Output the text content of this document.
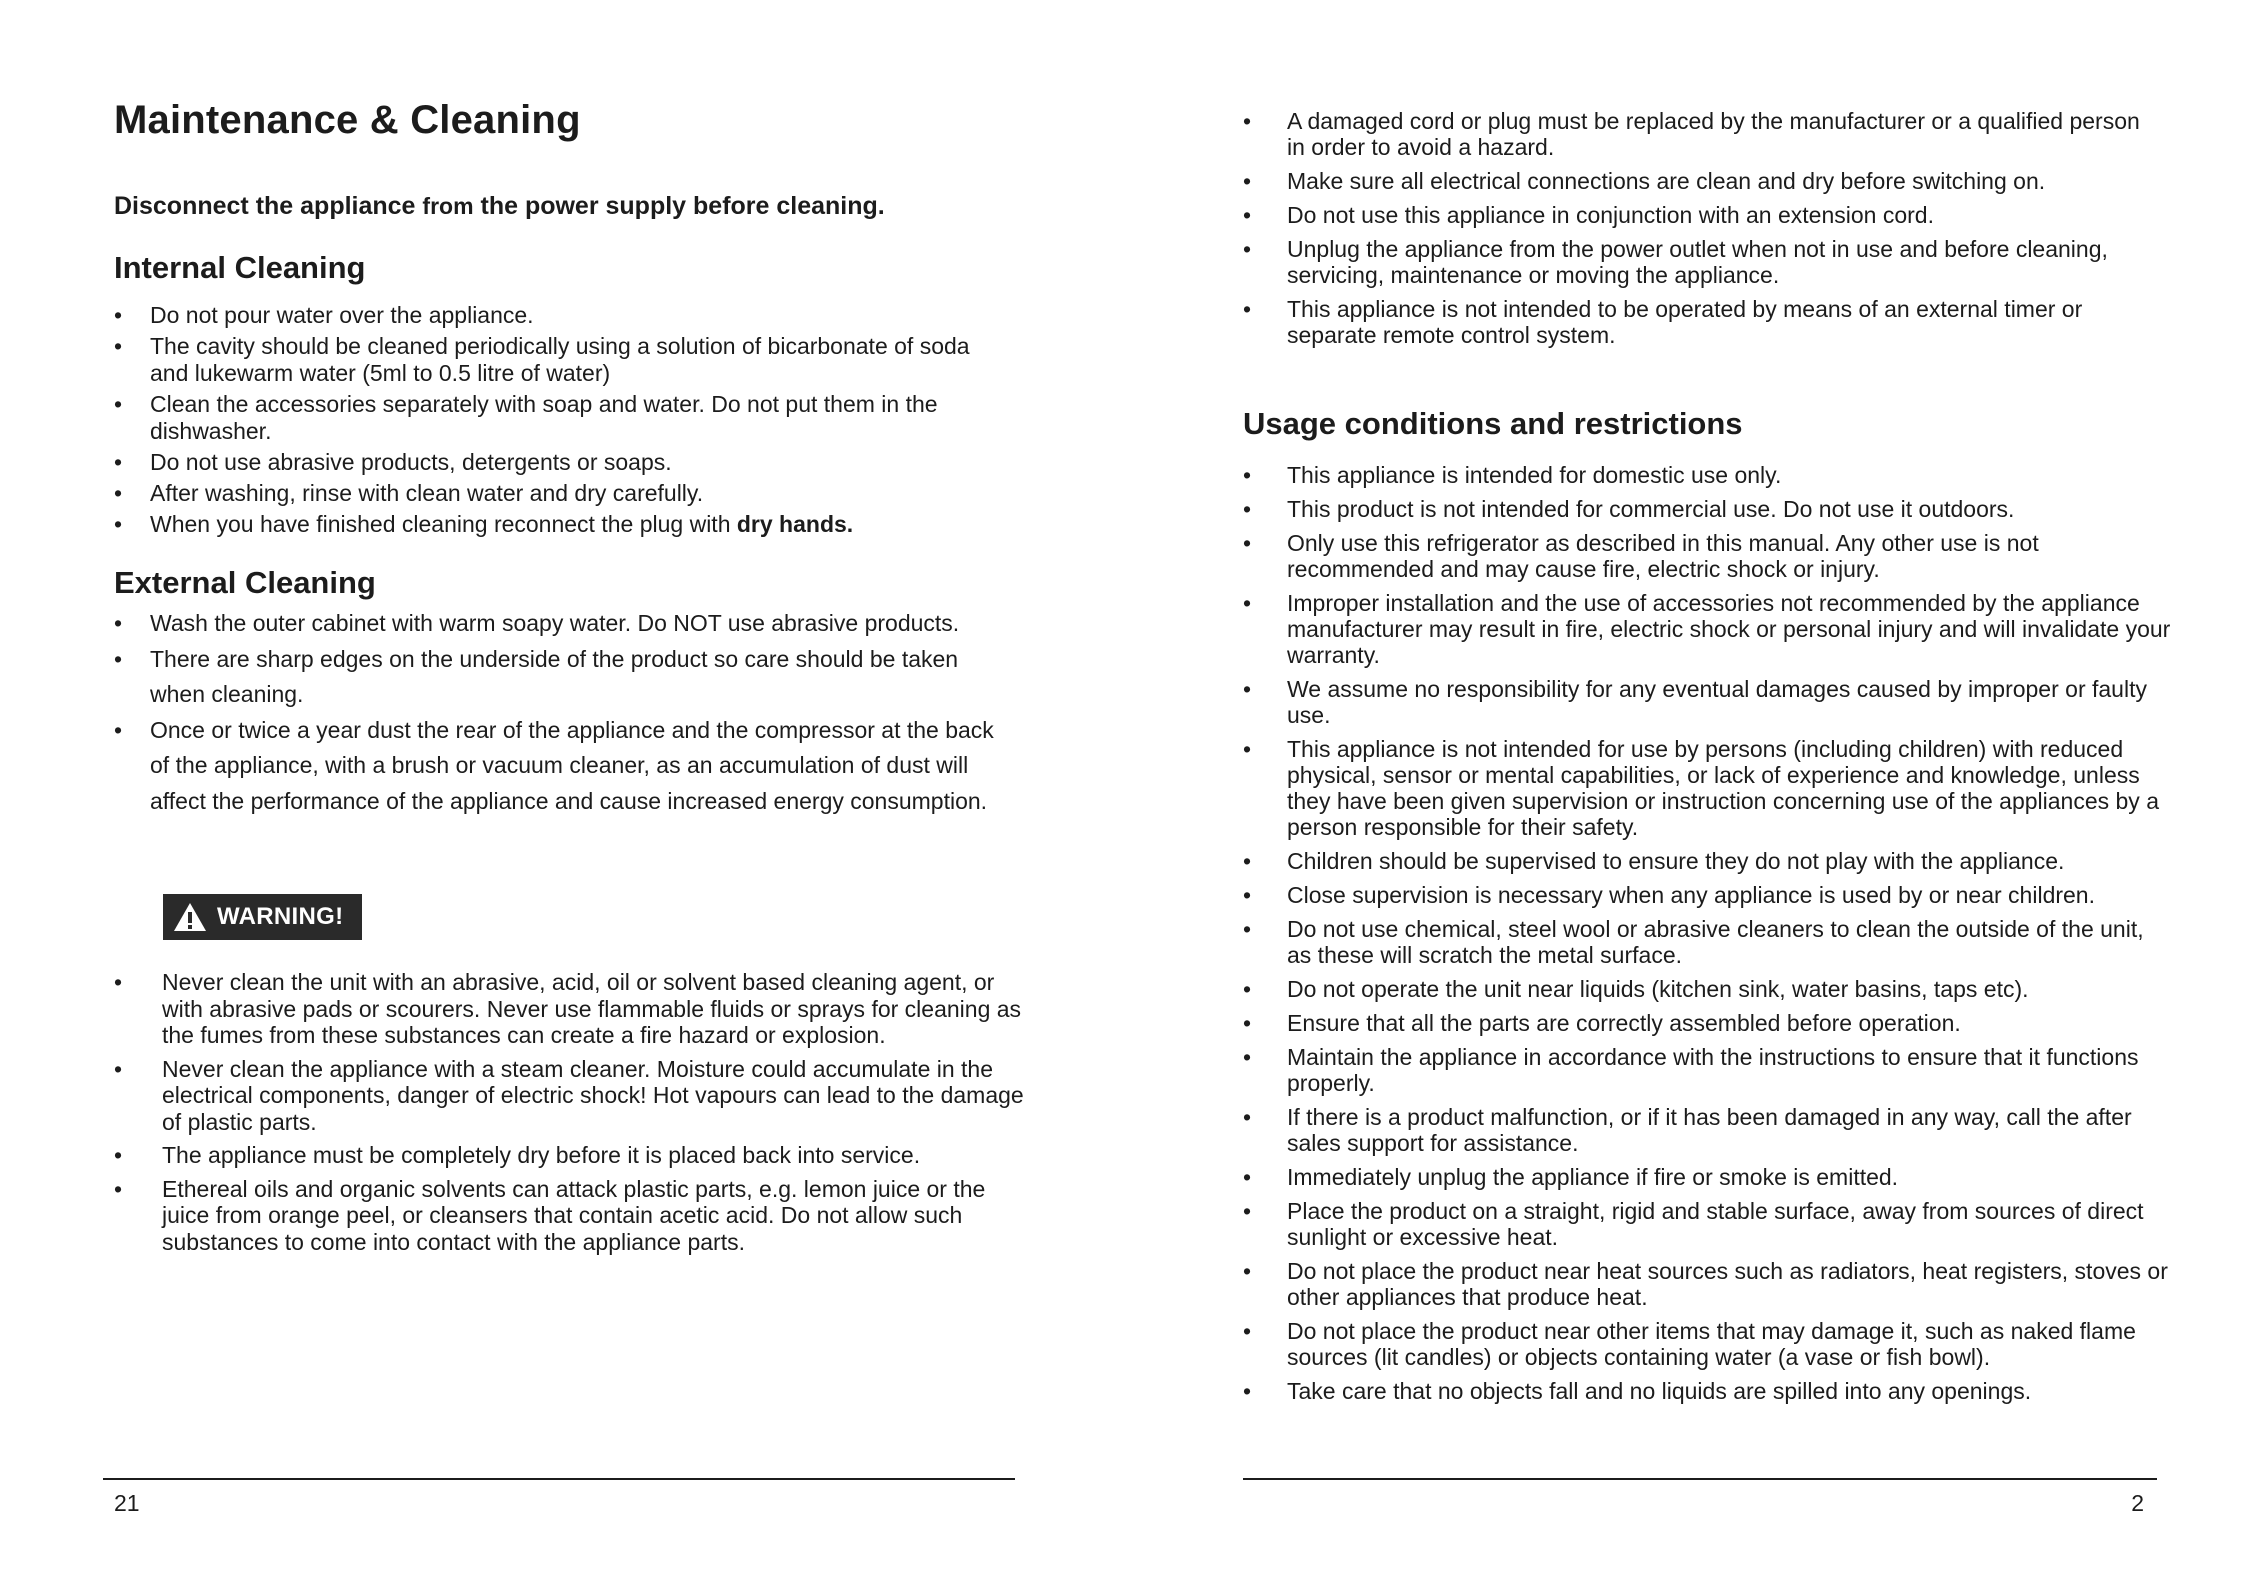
Maintenance & Cleaning

Disconnect the appliance from the power supply before cleaning.

Internal Cleaning
• Do not pour water over the appliance.
• The cavity should be cleaned periodically using a solution of bicarbonate of soda and lukewarm water (5ml to 0.5 litre of water)
• Clean the accessories separately with soap and water. Do not put them in the dishwasher.
• Do not use abrasive products, detergents or soaps.
• After washing, rinse with clean water and dry carefully.
• When you have finished cleaning reconnect the plug with dry hands.
External Cleaning
• Wash the outer cabinet with warm soapy water. Do NOT use abrasive products.
• There are sharp edges on the underside of the product so care should be taken when cleaning.
• Once or twice a year dust the rear of the appliance and the compressor at the back of the appliance, with a brush or vacuum cleaner, as an accumulation of dust will affect the performance of the appliance and cause increased energy consumption.
WARNING!
• Never clean the unit with an abrasive, acid, oil or solvent based cleaning agent, or with abrasive pads or scourers. Never use flammable fluids or sprays for cleaning as the fumes from these substances can create a fire hazard or explosion.
• Never clean the appliance with a steam cleaner. Moisture could accumulate in the electrical components, danger of electric shock! Hot vapours can lead to the damage of plastic parts.
• The appliance must be completely dry before it is placed back into service.
• Ethereal oils and organic solvents can attack plastic parts, e.g. lemon juice or the juice from orange peel, or cleansers that contain acetic acid. Do not allow such substances to come into contact with the appliance parts.
21
• A damaged cord or plug must be replaced by the manufacturer or a qualified person in order to avoid a hazard.
• Make sure all electrical connections are clean and dry before switching on.
• Do not use this appliance in conjunction with an extension cord.
• Unplug the appliance from the power outlet when not in use and before cleaning, servicing, maintenance or moving the appliance.
• This appliance is not intended to be operated by means of an external timer or separate remote control system.
Usage conditions and restrictions
• This appliance is intended for domestic use only.
• This product is not intended for commercial use. Do not use it outdoors.
• Only use this refrigerator as described in this manual. Any other use is not recommended and may cause fire, electric shock or injury.
• Improper installation and the use of accessories not recommended by the appliance manufacturer may result in fire, electric shock or personal injury and will invalidate your warranty.
• We assume no responsibility for any eventual damages caused by improper or faulty use.
• This appliance is not intended for use by persons (including children) with reduced physical, sensor or mental capabilities, or lack of experience and knowledge, unless they have been given supervision or instruction concerning use of the appliances by a person responsible for their safety.
• Children should be supervised to ensure they do not play with the appliance.
• Close supervision is necessary when any appliance is used by or near children.
• Do not use chemical, steel wool or abrasive cleaners to clean the outside of the unit, as these will scratch the metal surface.
• Do not operate the unit near liquids (kitchen sink, water basins, taps etc).
• Ensure that all the parts are correctly assembled before operation.
• Maintain the appliance in accordance with the instructions to ensure that it functions properly.
• If there is a product malfunction, or if it has been damaged in any way, call the after sales support for assistance.
• Immediately unplug the appliance if fire or smoke is emitted.
• Place the product on a straight, rigid and stable surface, away from sources of direct sunlight or excessive heat.
• Do not place the product near heat sources such as radiators, heat registers, stoves or other appliances that produce heat.
• Do not place the product near other items that may damage it, such as naked flame sources (lit candles) or objects containing water (a vase or fish bowl).
• Take care that no objects fall and no liquids are spilled into any openings.
2
